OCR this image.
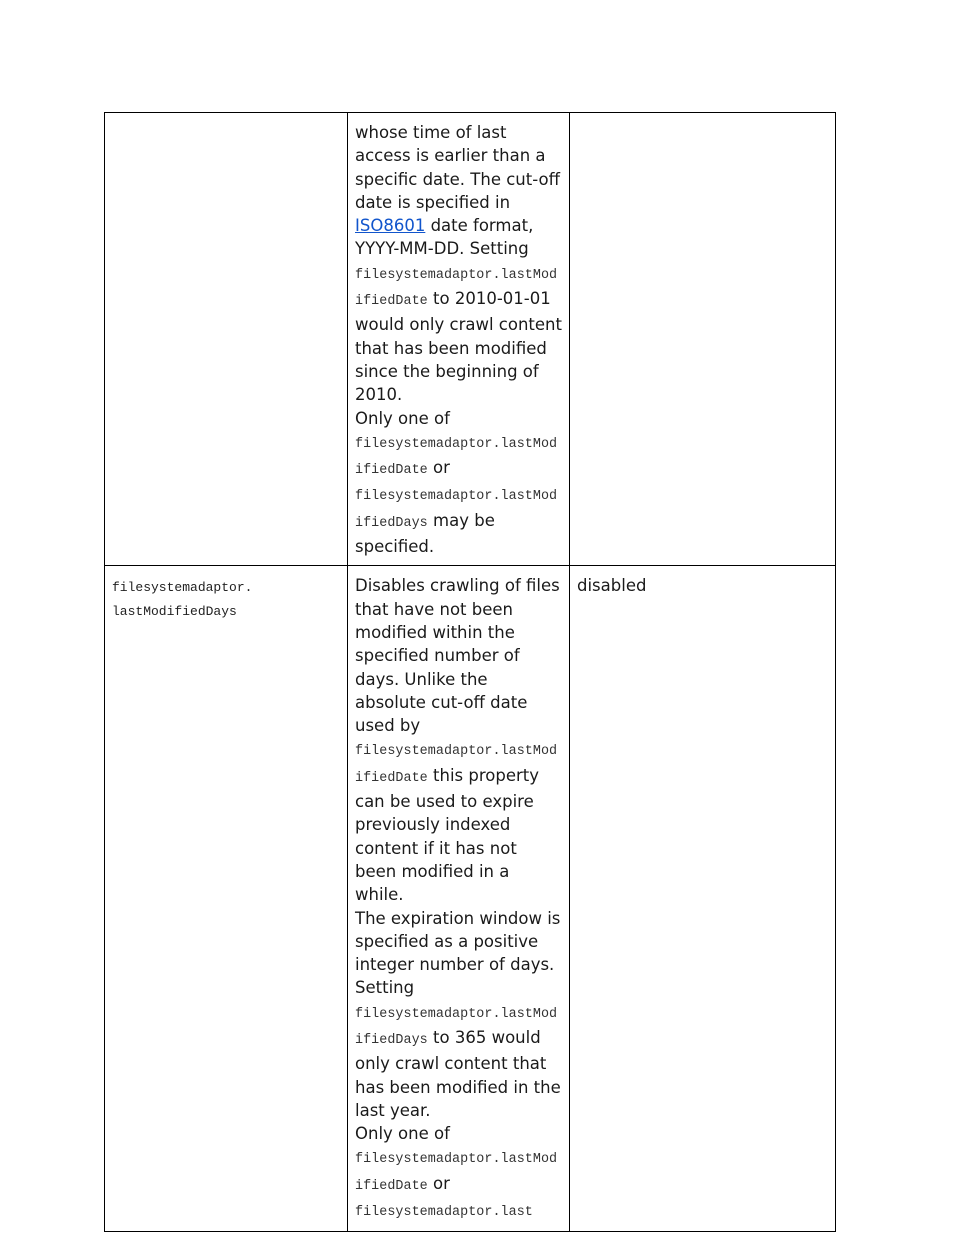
	whose time of last access is earlier than a specific date. The cut-off date is specified in ISO8601 date format, YYYY-MM-DD. Setting filesystemadaptor.lastModifiedDate to 2010-01-01 would only crawl content that has been modified since the beginning of 2010.
Only one of
filesystemadaptor.lastModifiedDate or filesystemadaptor.lastModifiedDays may be specified.	
filesystemadaptor.
lastModifiedDays	Disables crawling of files that have not been modified within the specified number of days. Unlike the absolute cut-off date used by filesystemadaptor.lastModifiedDate this property can be used to expire previously indexed content if it has not been modified in a while.
The expiration window is specified as a positive integer number of days. Setting
filesystemadaptor.lastModifiedDays to 365 would only crawl content that has been modified in the last year.
Only one of
filesystemadaptor.lastModifiedDate or filesystemadaptor.last	disabled
